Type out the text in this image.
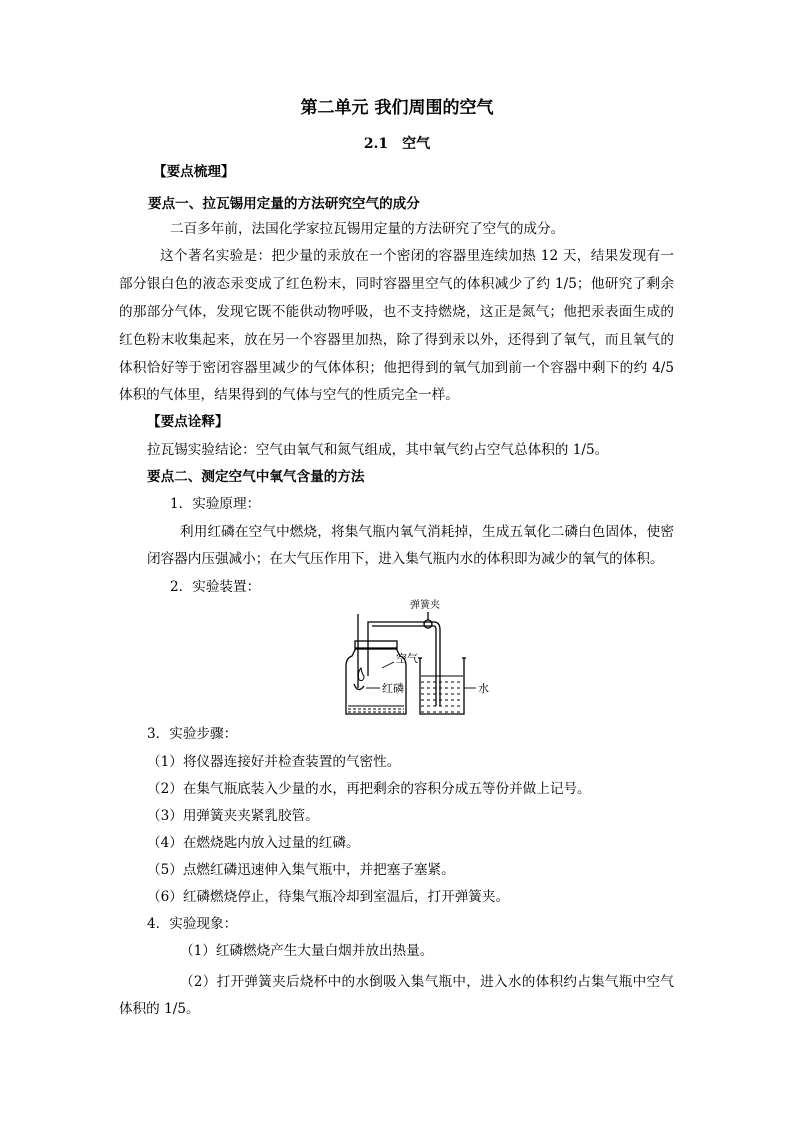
第二单元 我们周围的空气
2.1　空气
【要点梳理】
要点一、拉瓦锡用定量的方法研究空气的成分
二百多年前，法国化学家拉瓦锡用定量的方法研究了空气的成分。
这个著名实验是：把少量的汞放在一个密闭的容器里连续加热 12 天，结果发现有一
部分银白色的液态汞变成了红色粉末，同时容器里空气的体积减少了约 1/5；他研究了剩余
的那部分气体，发现它既不能供动物呼吸，也不支持燃烧，这正是氮气；他把汞表面生成的
红色粉末收集起来，放在另一个容器里加热，除了得到汞以外，还得到了氧气，而且氧气的
体积恰好等于密闭容器里减少的气体体积；他把得到的氧气加到前一个容器中剩下的约 4/5
体积的气体里，结果得到的气体与空气的性质完全一样。
【要点诠释】
拉瓦锡实验结论：空气由氧气和氮气组成，其中氧气约占空气总体积的 1/5。
要点二、测定空气中氧气含量的方法
1．实验原理：
利用红磷在空气中燃烧，将集气瓶内氧气消耗掉，生成五氧化二磷白色固体，使密
闭容器内压强减小；在大气压作用下，进入集气瓶内水的体积即为减少的氧气的体积。
2．实验装置：
弹簧夹
空气
红磷	水
3．实验步骤：
（1）将仪器连接好并检查装置的气密性。
（2）在集气瓶底装入少量的水，再把剩余的容积分成五等份并做上记号。
（3）用弹簧夹夹紧乳胶管。
（4）在燃烧匙内放入过量的红磷。
（5）点燃红磷迅速伸入集气瓶中，并把塞子塞紧。
（6）红磷燃烧停止，待集气瓶冷却到室温后，打开弹簧夹。
4．实验现象：
（1）红磷燃烧产生大量白烟并放出热量。
（2）打开弹簧夹后烧杯中的水倒吸入集气瓶中，进入水的体积约占集气瓶中空气
体积的 1/5。
